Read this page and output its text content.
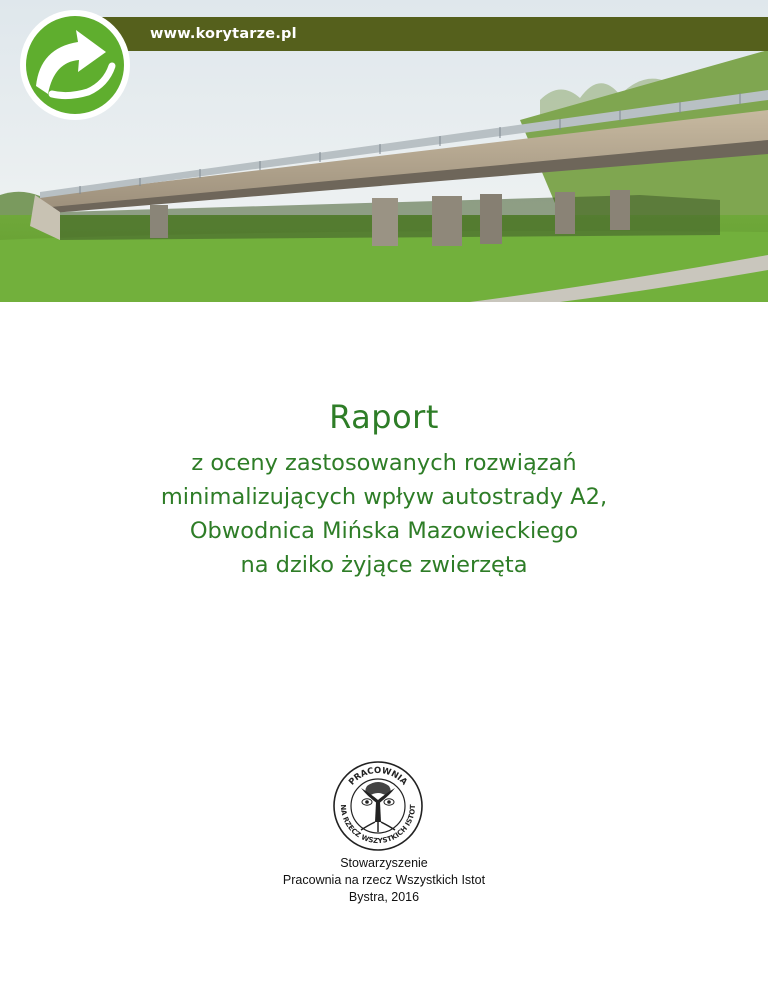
www.korytarze.pl
Raport
z oceny zastosowanych rozwiązań
minimalizujących wpływ autostrady A2,
Obwodnica Mińska Mazowieckiego
na dziko żyjące zwierzęta
PRACOWNIA
NA RZECZ WSZYSTKICH ISTOT
Stowarzyszenie
Pracownia na rzecz Wszystkich Istot
Bystra, 2016
